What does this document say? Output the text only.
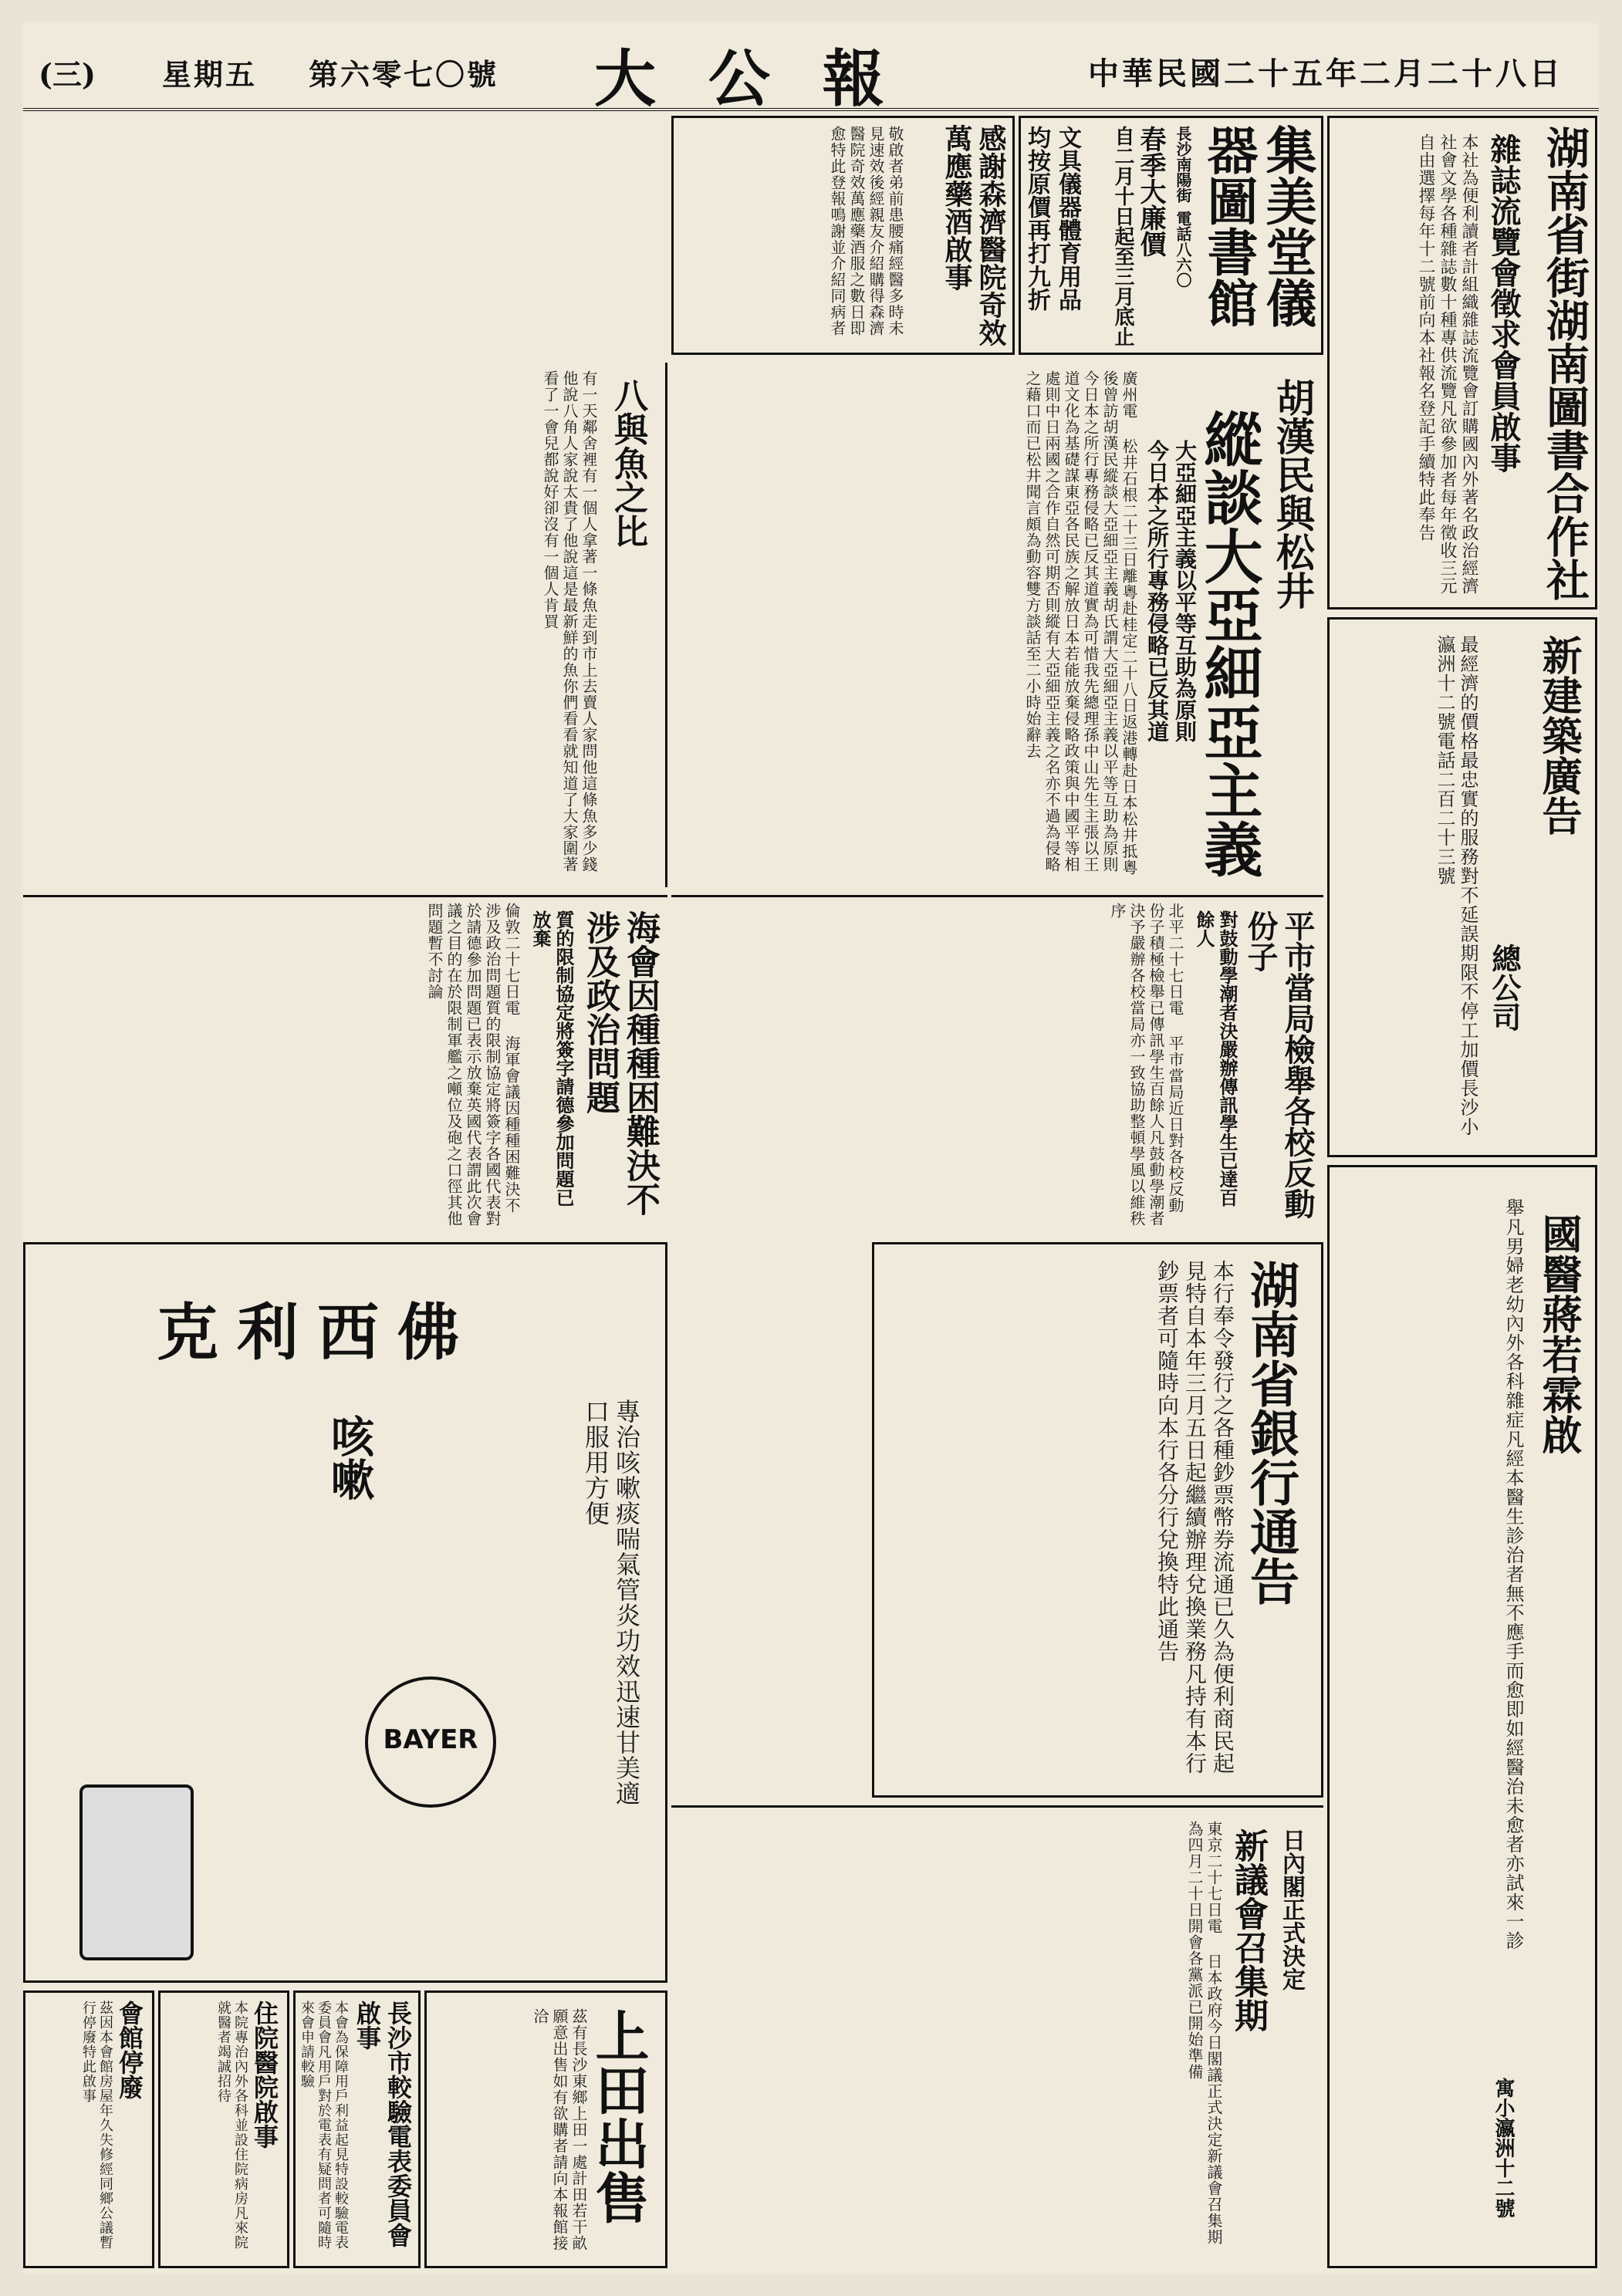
中華民國二十五年二月二十八日
大 公 報
第六零七〇號
星期五
(三)
湖南省街湖南圖書合作社
雜誌流覽會徵求會員啟事
本社為便利讀者計組織雜誌流覽會訂購國內外著名政治經濟社會文學各種雜誌數十種專供流覽凡欲參加者每年徵收三元自由選擇每年十二號前向本社報名登記手續特此奉告
集美堂儀器圖書館
長沙南陽街
電話八六〇
春季大廉價
自二月十日起至三月底止
文具儀器體育用品
均按原價再打九折
感謝森濟醫院奇效萬應藥酒啟事
敬啟者弟前患腰痛經醫多時未見速效後經親友介紹購得森濟醫院奇效萬應藥酒服之數日即愈特此登報鳴謝並介紹同病者
胡漢民與松井
縱談大亞細亞主義
大亞細亞主義以平等互助為原則
今日本之所行專務侵略已反其道
廣州電 松井石根二十三日離粵赴桂定二十八日返港轉赴日本松井抵粵後曾訪胡漢民縱談大亞細亞主義胡氏謂大亞細亞主義以平等互助為原則今日本之所行專務侵略已反其道實為可惜我先總理孫中山先生主張以王道文化為基礎謀東亞各民族之解放日本若能放棄侵略政策與中國平等相處則中日兩國之合作自然可期否則縱有大亞細亞主義之名亦不過為侵略之藉口而已松井聞言頗為動容雙方談話至二小時始辭去
八與魚之比
有一天鄰舍裡有一個人拿著一條魚走到市上去賣人家問他這條魚多少錢他說八角人家說太貴了他說這是最新鮮的魚你們看看就知道了大家圍著看了一會兒都說好卻沒有一個人肯買
新建築廣告
總公司
最經濟的價格最忠實的服務對不延誤期限不停工加價長沙小瀛洲十二號電話二百二十三號
國醫蔣若霖啟
舉凡男婦老幼內外各科雜症凡經本醫生診治者無不應手而愈即如經醫治未愈者亦試來一診
寓小瀛洲十二號
平市當局檢舉各校反動份子
對鼓動學潮者決嚴辦傳訊學生已達百餘人
北平二十七日電 平市當局近日對各校反動份子積極檢舉已傳訊學生百餘人凡鼓動學潮者決予嚴辦各校當局亦一致協助整頓學風以維秩序
海會因種種困難決不涉及政治問題
質的限制協定將簽字請德參加問題已放棄
倫敦二十七日電 海軍會議因種種困難決不涉及政治問題質的限制協定將簽字各國代表對於請德參加問題已表示放棄英國代表謂此次會議之目的在於限制軍艦之噸位及砲之口徑其他問題暫不討論
湖南省銀行通告
本行奉令發行之各種鈔票幣券流通已久為便利商民起見特自本年三月五日起繼續辦理兌換業務凡持有本行鈔票者可隨時向本行各分行兌換特此通告
日內閣正式決定
新議會召集期
東京二十七日電 日本政府今日閣議正式決定新議會召集期為四月二十日開會各黨派已開始準備
克利西佛
咳嗽
BAYER	專治咳嗽痰喘氣管炎功效迅速甘美適口服用方便
上田出售
茲有長沙東鄉上田一處計田若干畝願意出售如有欲購者請向本報館接洽
長沙市較驗電表委員會啟事
本會為保障用戶利益起見特設較驗電表委員會凡用戶對於電表有疑問者可隨時來會申請較驗
住院醫院啟事
本院專治內外各科並設住院病房凡來院就醫者竭誠招待
會館停廢
茲因本會館房屋年久失修經同鄉公議暫行停廢特此啟事
